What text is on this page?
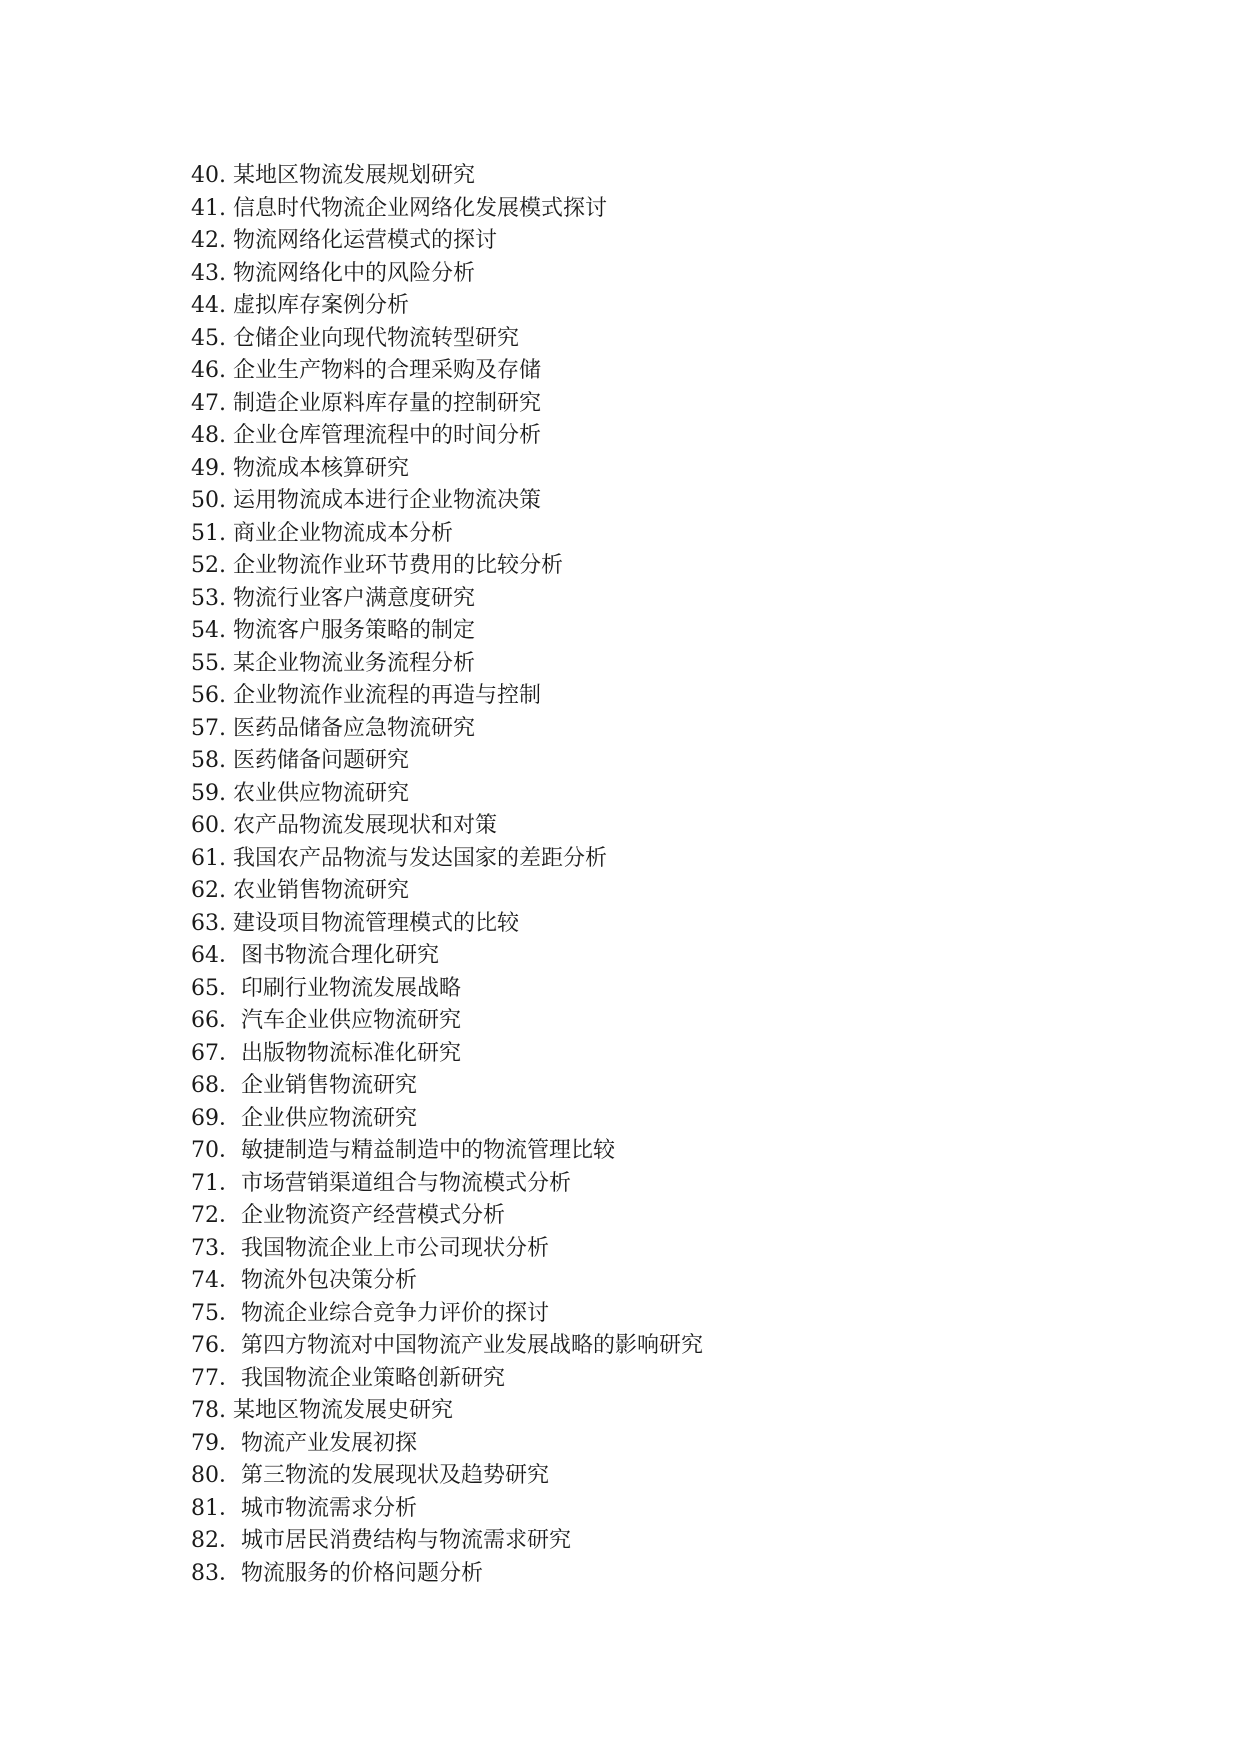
40. 某地区物流发展规划研究
41. 信息时代物流企业网络化发展模式探讨
42. 物流网络化运营模式的探讨
43. 物流网络化中的风险分析
44. 虚拟库存案例分析
45. 仓储企业向现代物流转型研究
46. 企业生产物料的合理采购及存储
47. 制造企业原料库存量的控制研究
48. 企业仓库管理流程中的时间分析
49. 物流成本核算研究
50. 运用物流成本进行企业物流决策
51. 商业企业物流成本分析
52. 企业物流作业环节费用的比较分析
53. 物流行业客户满意度研究
54. 物流客户服务策略的制定
55. 某企业物流业务流程分析
56. 企业物流作业流程的再造与控制
57. 医药品储备应急物流研究
58. 医药储备问题研究
59. 农业供应物流研究
60. 农产品物流发展现状和对策
61. 我国农产品物流与发达国家的差距分析
62. 农业销售物流研究
63. 建设项目物流管理模式的比较
64．图书物流合理化研究
65．印刷行业物流发展战略
66．汽车企业供应物流研究
67．出版物物流标准化研究
68．企业销售物流研究
69．企业供应物流研究
70．敏捷制造与精益制造中的物流管理比较
71．市场营销渠道组合与物流模式分析
72．企业物流资产经营模式分析
73．我国物流企业上市公司现状分析
74．物流外包决策分析
75．物流企业综合竞争力评价的探讨
76．第四方物流对中国物流产业发展战略的影响研究
77．我国物流企业策略创新研究
78. 某地区物流发展史研究
79．物流产业发展初探
80．第三物流的发展现状及趋势研究
81．城市物流需求分析
82．城市居民消费结构与物流需求研究
83．物流服务的价格问题分析
